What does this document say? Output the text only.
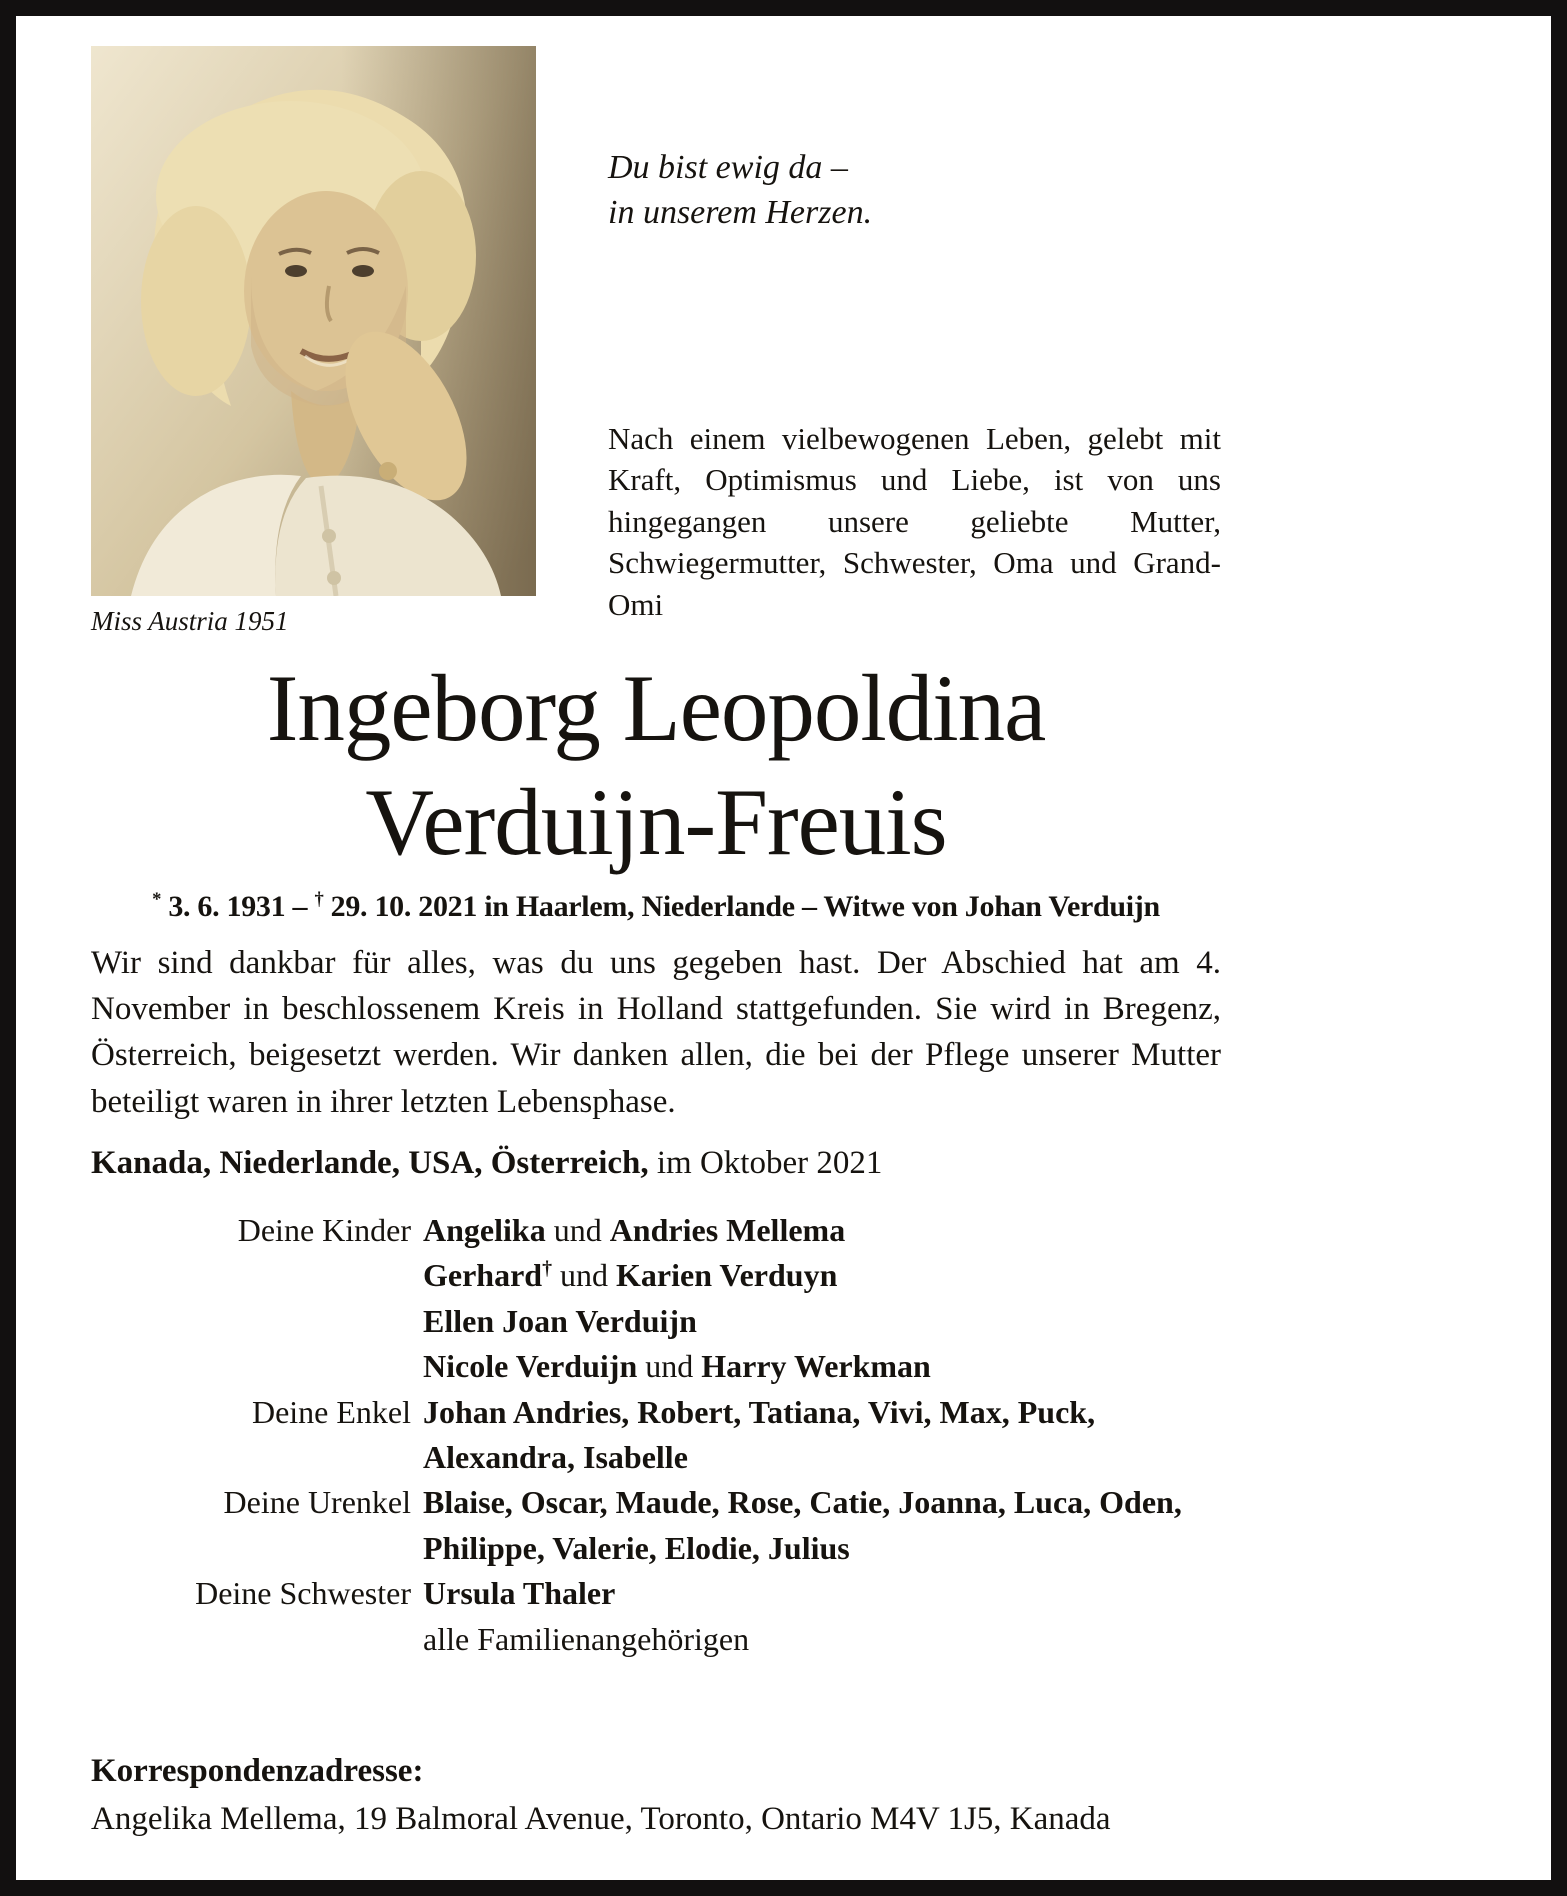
Miss Austria 1951
Du bist ewig da –
in unserem Herzen.

Nach einem vielbewogenen Leben, gelebt mit Kraft, Optimismus und Liebe, ist von uns hingegangen unsere geliebte Mutter, Schwiegermutter, Schwester, Oma und Grand-Omi

Ingeborg Leopoldina
Verduijn-Freuis

* 3. 6. 1931 – † 29. 10. 2021 in Haarlem, Niederlande – Witwe von Johan Verduijn

Wir sind dankbar für alles, was du uns gegeben hast. Der Abschied hat am 4. November in beschlossenem Kreis in Holland stattgefunden. Sie wird in Bregenz, Österreich, beigesetzt werden. Wir danken allen, die bei der Pflege unserer Mutter beteiligt waren in ihrer letzten Lebensphase.

Kanada, Niederlande, USA, Österreich, im Oktober 2021

Deine Kinder Angelika und Andries Mellema
Gerhard† und Karien Verduyn
Ellen Joan Verduijn
Nicole Verduijn und Harry Werkman
Deine Enkel Johan Andries, Robert, Tatiana, Vivi, Max, Puck, Alexandra, Isabelle
Deine Urenkel Blaise, Oscar, Maude, Rose, Catie, Joanna, Luca, Oden, Philippe, Valerie, Elodie, Julius
Deine Schwester Ursula Thaler
alle Familienangehörigen
Korrespondenzadresse:
Angelika Mellema, 19 Balmoral Avenue, Toronto, Ontario M4V 1J5, Kanada
